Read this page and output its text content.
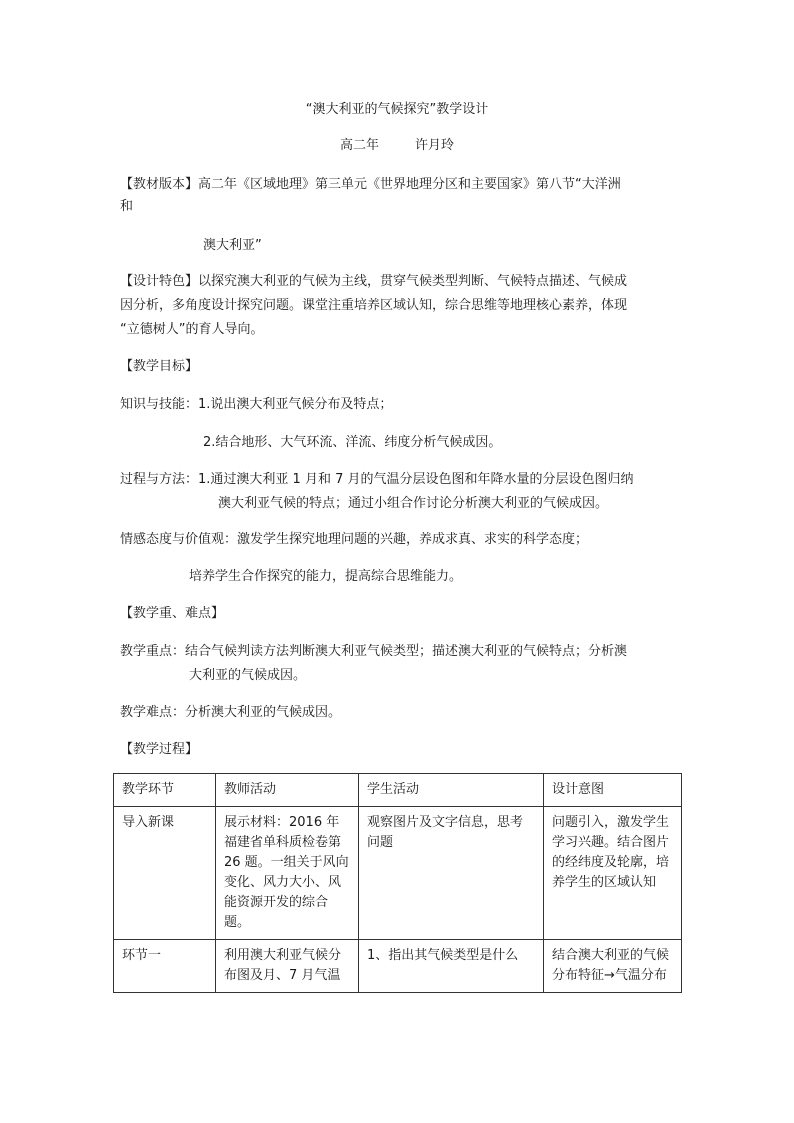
“澳大利亚的气候探究”教学设计
高二年	许月玲
【教材版本】高二年《区域地理》第三单元《世界地理分区和主要国家》第八节“大洋洲
和
澳大利亚”
【设计特色】以探究澳大利亚的气候为主线，贯穿气候类型判断、气候特点描述、气候成
因分析，多角度设计探究问题。课堂注重培养区域认知，综合思维等地理核心素养，体现
“立德树人”的育人导向。
【教学目标】
知识与技能：1.说出澳大利亚气候分布及特点；
2.结合地形、大气环流、洋流、纬度分析气候成因。
过程与方法：1.通过澳大利亚 1 月和 7 月的气温分层设色图和年降水量的分层设色图归纳
澳大利亚气候的特点；通过小组合作讨论分析澳大利亚的气候成因。
情感态度与价值观：激发学生探究地理问题的兴趣，养成求真、求实的科学态度；
培养学生合作探究的能力，提高综合思维能力。
【教学重、难点】
教学重点：结合气候判读方法判断澳大利亚气候类型；描述澳大利亚的气候特点；分析澳
大利亚的气候成因。
教学难点：分析澳大利亚的气候成因。
【教学过程】
教学环节	教师活动	学生活动	设计意图
导入新课	展示材料：2016 年福建省单科质检卷第 26 题。一组关于风向变化、风力大小、风能资源开发的综合题。	观察图片及文字信息，思考问题	问题引入，激发学生学习兴趣。结合图片的经纬度及轮廓，培养学生的区域认知
环节一	利用澳大利亚气候分布图及月、7 月气温	1、指出其气候类型是什么	结合澳大利亚的气候分布特征→气温分布
